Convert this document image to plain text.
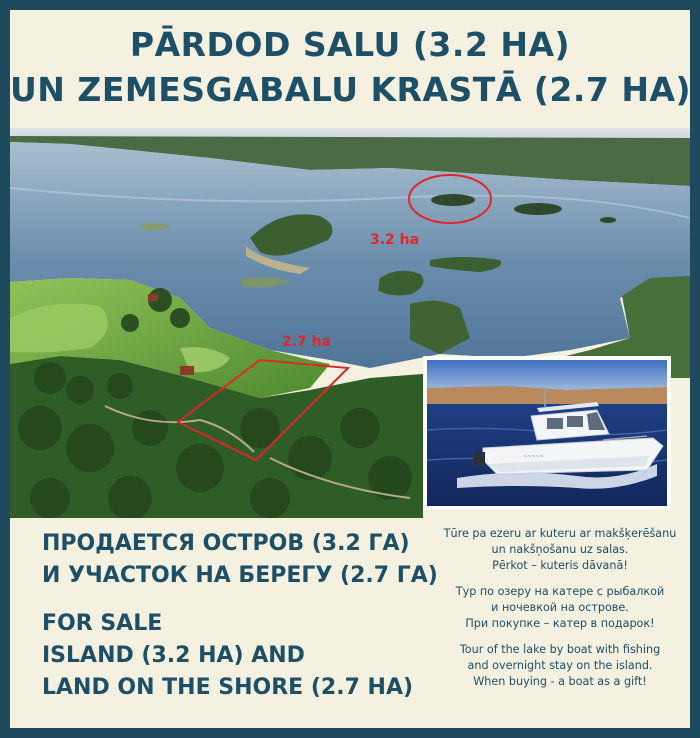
PĀRDOD SALU (3.2 HA)
UN ZEMESGABALU KRASTĀ (2.7 HA)
3.2 ha
2.7 ha
~~~~~
ПРОДАЕТСЯ ОСТРОВ (3.2 ГА)
И УЧАСТОК НА БЕРЕГУ (2.7 ГА)
FOR SALE
ISLAND (3.2 HA) AND
LAND ON THE SHORE (2.7 HA)
Tūre pa ezeru ar kuteru ar makšķerēšanu
un nakšņošanu uz salas.
Pērkot – kuteris dāvanā!
Тур по озеру на катере с рыбалкой
и ночевкой на острове.
При покупке – катер в подарок!
Tour of the lake by boat with fishing
and overnight stay on the island.
When buying - a boat as a gift!
